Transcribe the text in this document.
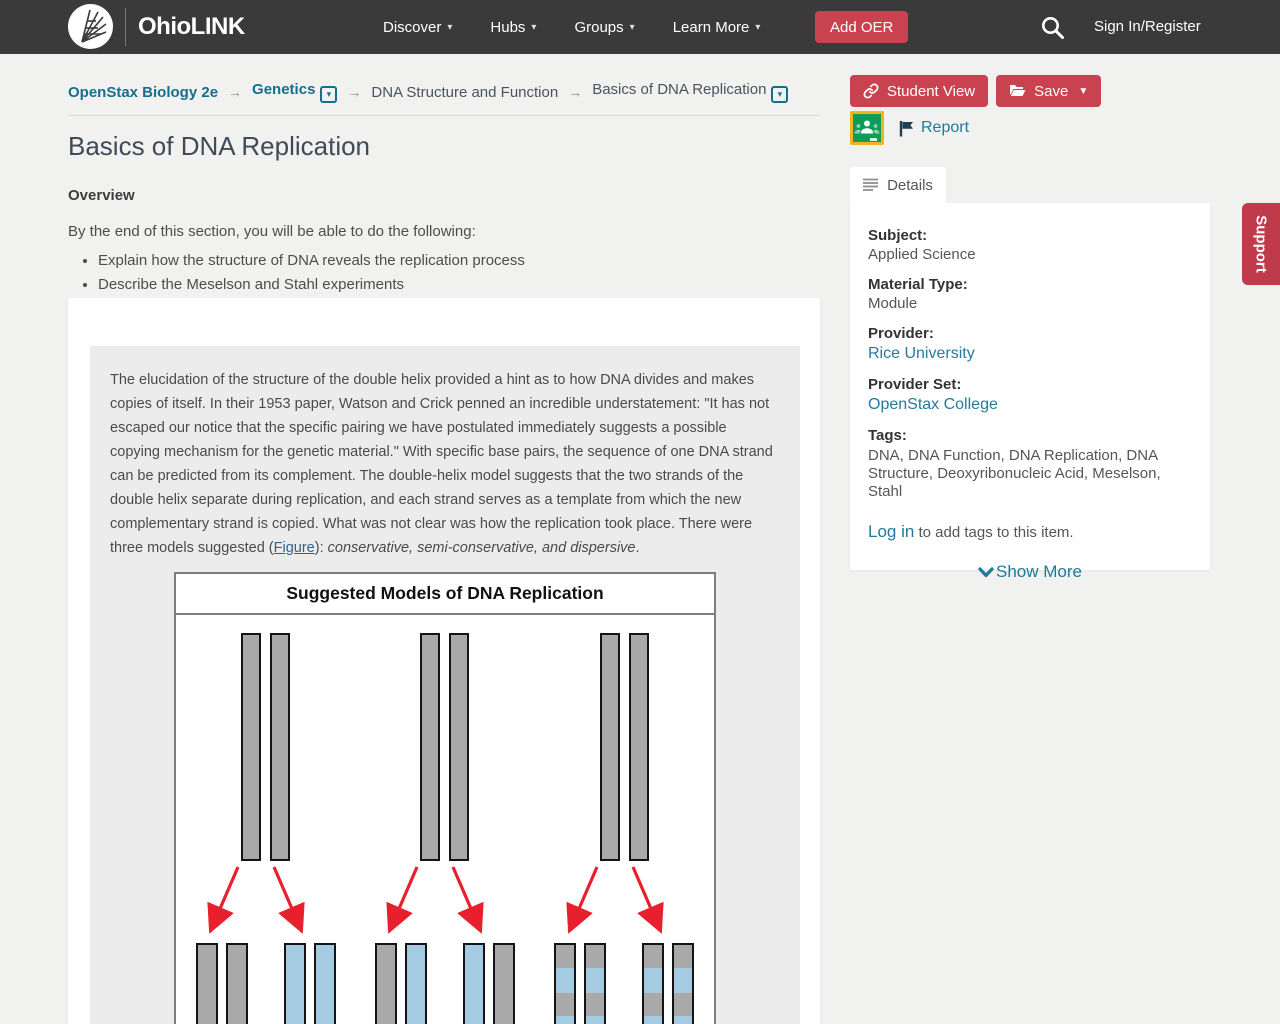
OhioLINK	Discover ▾	Hubs ▾	Groups ▾	Learn More ▾	Add OER	Sign In/Register
OpenStax Biology 2e → Genetics ▾	→ DNA Structure and Function → Basics of DNA Replication ▾
Basics of DNA Replication
Overview

By the end of this section, you will be able to do the following:

• Explain how the structure of DNA reveals the replication process
• Describe the Meselson and Stahl experiments

The elucidation of the structure of the double helix provided a hint as to how DNA divides and makes copies of itself. In their 1953 paper, Watson and Crick penned an incredible understatement: "It has not escaped our notice that the specific pairing we have postulated immediately suggests a possible copying mechanism for the genetic material." With specific base pairs, the sequence of one DNA strand can be predicted from its complement. The double-helix model suggests that the two strands of the double helix separate during replication, and each strand serves as a template from which the new complementary strand is copied. What was not clear was how the replication took place. There were three models suggested (Figure): conservative, semi-conservative, and dispersive.

Suggested Models of DNA Replication
Student View	Save ▼
Report
Details
Subject:
Applied Science
Material Type:
Module
Provider:
Rice University
Provider Set:
OpenStax College
Tags:
DNA, DNA Function, DNA Replication, DNA Structure, Deoxyribonucleic Acid, Meselson, Stahl
Log in to add tags to this item.
Show More
Support
